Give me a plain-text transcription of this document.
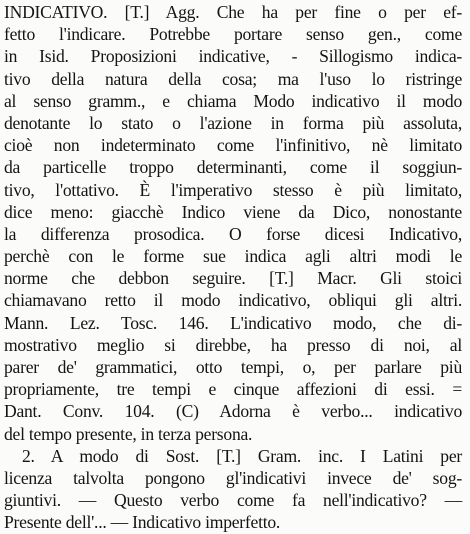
INDICATIVO. [T.] Agg. Che ha per fine o per ef-
fetto l'indicare. Potrebbe portare senso gen., come
in Isid. Proposizioni indicative, - Sillogismo indica-
tivo della natura della cosa; ma l'uso lo ristringe
al senso gramm., e chiama Modo indicativo il modo
denotante lo stato o l'azione in forma più assoluta,
cioè non indeterminato come l'infinitivo, nè limitato
da particelle troppo determinanti, come il soggiun-
tivo, l'ottativo. È l'imperativo stesso è più limitato,
dice meno: giacchè Indico viene da Dico, nonostante
la differenza prosodica. O forse dicesi Indicativo,
perchè con le forme sue indica agli altri modi le
norme che debbon seguire. [T.] Macr. Gli stoici
chiamavano retto il modo indicativo, obliqui gli altri.
Mann. Lez. Tosc. 146. L'indicativo modo, che di-
mostrativo meglio si direbbe, ha presso di noi, al
parer de' grammatici, otto tempi, o, per parlare più
propriamente, tre tempi e cinque affezioni di essi. =
Dant. Conv. 104. (C) Adorna è verbo... indicativo
del tempo presente, in terza persona.
2. A modo di Sost. [T.] Gram. inc. I Latini per
licenza talvolta pongono gl'indicativi invece de' sog-
giuntivi. — Questo verbo come fa nell'indicativo? —
Presente dell'... — Indicativo imperfetto.
